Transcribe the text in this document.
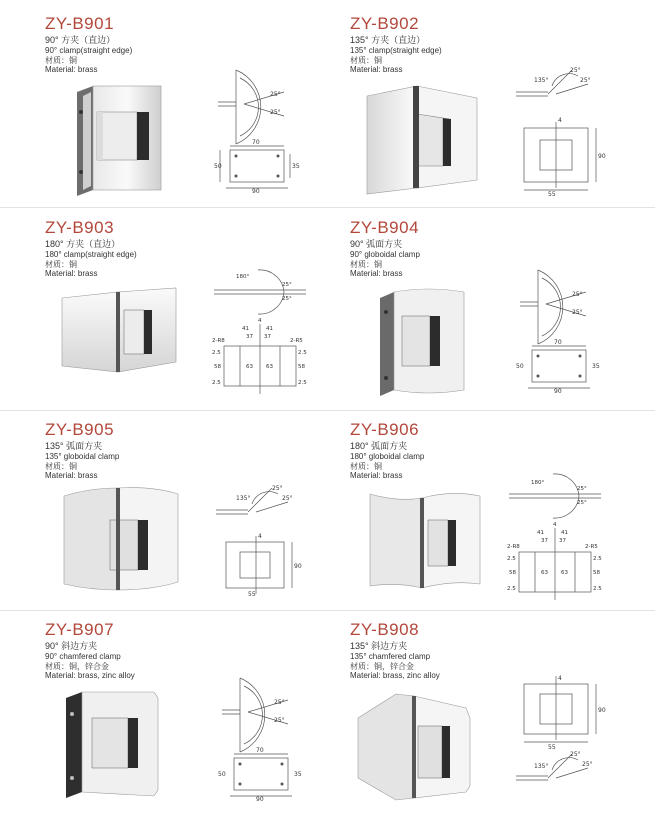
ZY-B901
90° 方夹（直边）
90° clamp(straight edge)
材质：铜
Material: brass
25°
25°
70
50	35
90
ZY-B902
135° 方夹（直边）
135° clamp(straight edge)
材质：铜
Material: brass
135°
25°
25°
4
90
55
ZY-B903
180° 方夹（直边）
180° clamp(straight edge)
材质：铜
Material: brass	180°
25°
25°
4
41	41
37 37
2-R8	2-R5
2.5	2.5
58	58
63 63
2.5	2.5
ZY-B904
90° 弧面方夹
90° globoidal clamp
材质：铜
Material: brass
25°
25°
70
50	35
90
ZY-B905
135° 弧面方夹
135° globoidal clamp
材质：铜
Material: brass
135°
25°
25°
4
90
55
ZY-B906
180° 弧面方夹
180° globoidal clamp
材质：铜
Material: brass
180°
25°
25°
4
41	41
37 37
2-R8	2-R5
2.5	2.5
58	58
63 63
2.5	2.5
ZY-B907
90° 斜边方夹
90° chamfered clamp
材质：铜，锌合金
Material: brass, zinc alloy
25°
25°
70
50	35
90
ZY-B908
135° 斜边方夹
135° chamfered clamp
材质：铜，锌合金
Material: brass, zinc alloy	4
90
55
135°
25°
25°
